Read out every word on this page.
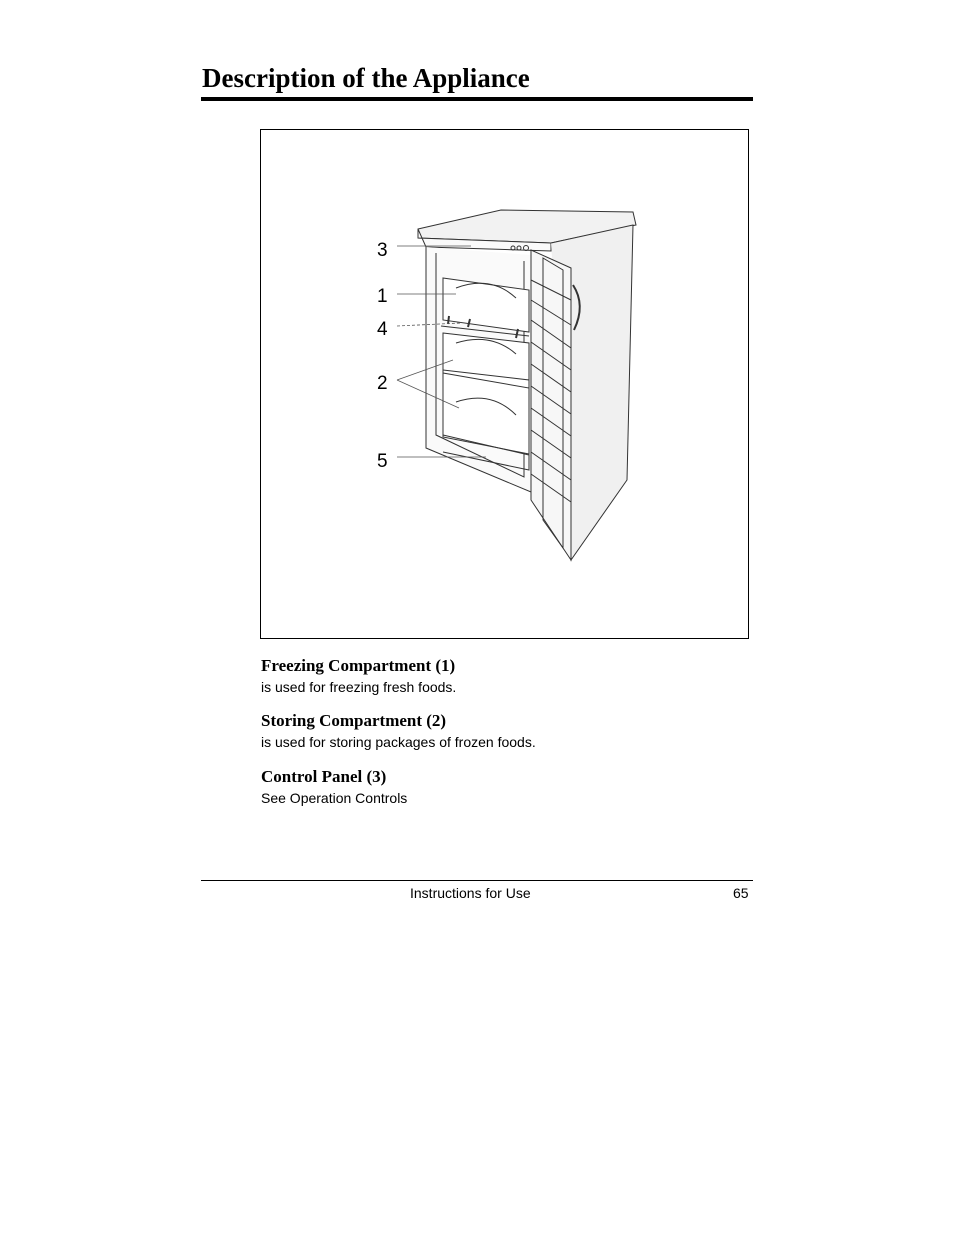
Description of the Appliance
3
1
4
2
5
Freezing Compartment (1)

is used for freezing fresh foods.

Storing Compartment (2)

is used for storing packages of frozen foods.

Control Panel (3)

See Operation Controls

Instructions for Use	65
